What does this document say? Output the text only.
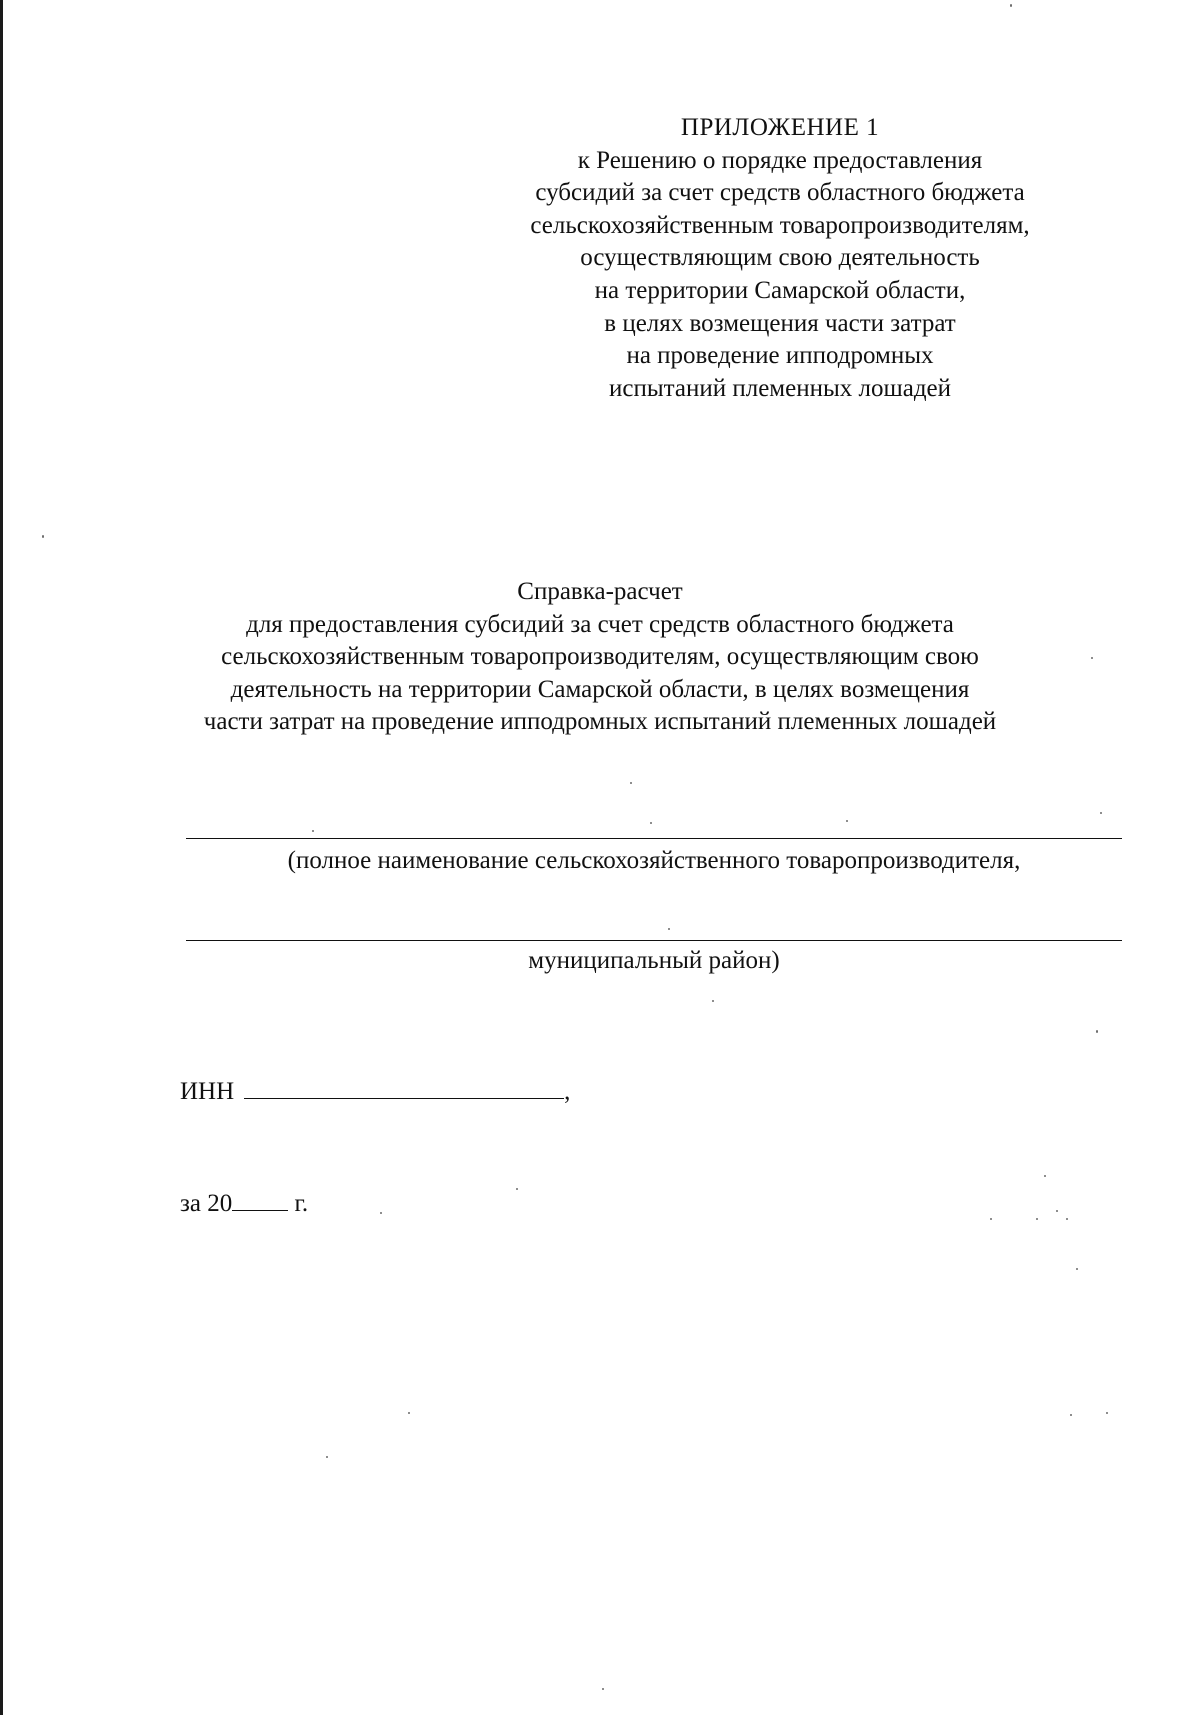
ПРИЛОЖЕНИЕ 1
к Решению о порядке предоставления
субсидий за счет средств областного бюджета
сельскохозяйственным товаропроизводителям,
осуществляющим свою деятельность
на территории Самарской области,
в целях возмещения части затрат
на проведение ипподромных
испытаний племенных лошадей
Справка-расчет
для предоставления субсидий за счет средств областного бюджета
сельскохозяйственным товаропроизводителям, осуществляющим свою
деятельность на территории Самарской области, в целях возмещения
части затрат на проведение ипподромных испытаний племенных лошадей
(полное наименование сельскохозяйственного товаропроизводителя,
муниципальный район)
ИНН	,
за 20 г.
